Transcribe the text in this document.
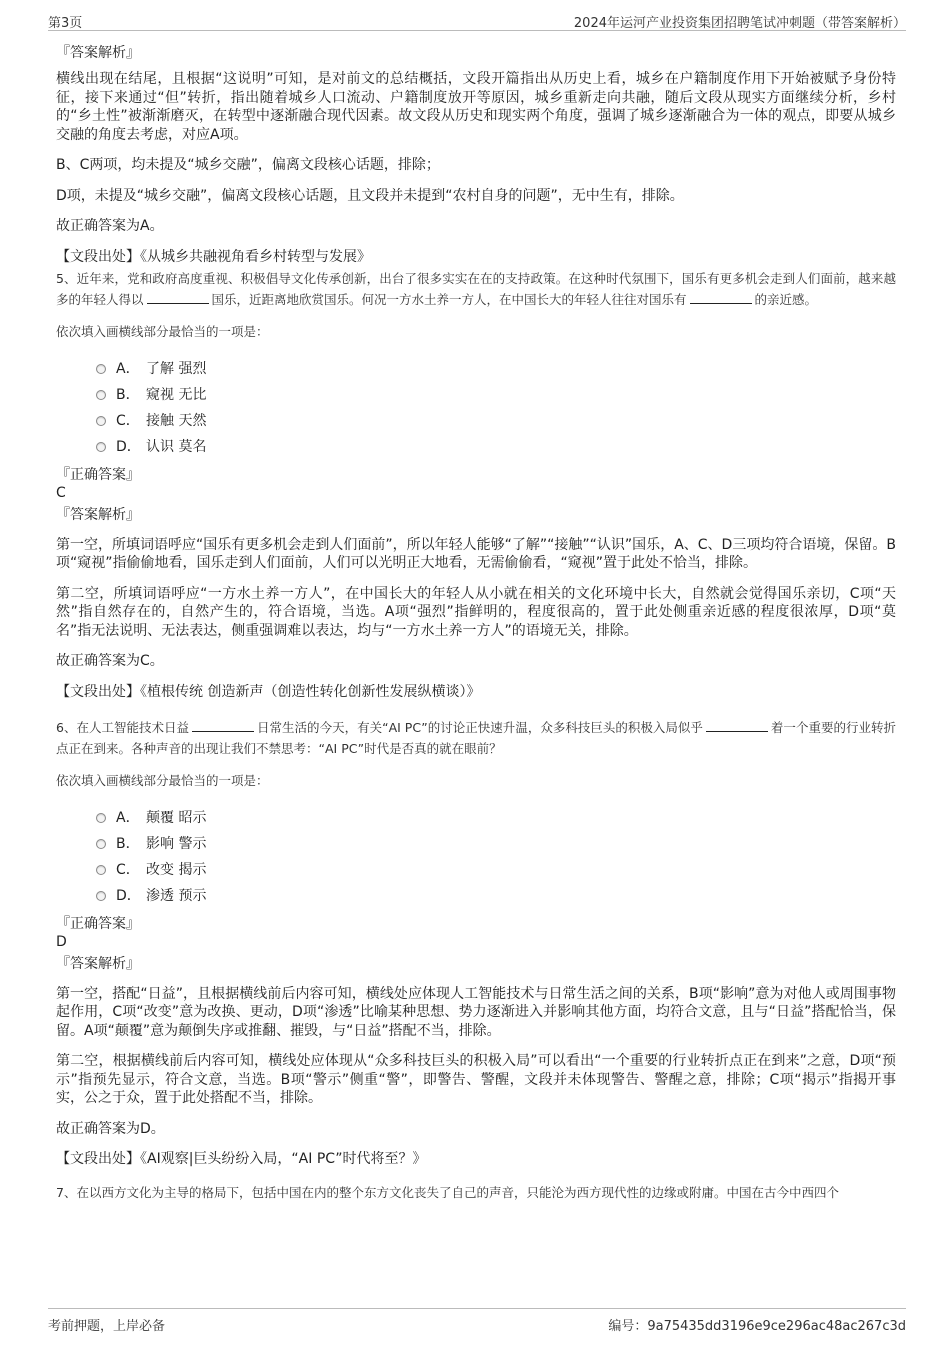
第3页	2024年运河产业投资集团招聘笔试冲刺题（带答案解析）
『答案解析』
横线出现在结尾，且根据“这说明”可知，是对前文的总结概括，文段开篇指出从历史上看，城乡在户籍制度作用下开始被赋予身份特征，接下来通过“但”转折，指出随着城乡人口流动、户籍制度放开等原因，城乡重新走向共融，随后文段从现实方面继续分析，乡村的“乡土性”被渐渐磨灭，在转型中逐渐融合现代因素。故文段从历史和现实两个角度，强调了城乡逐渐融合为一体的观点，即要从城乡交融的角度去考虑，对应A项。
B、C两项，均未提及“城乡交融”，偏离文段核心话题，排除；
D项，未提及“城乡交融”，偏离文段核心话题，且文段并未提到“农村自身的问题”，无中生有，排除。
故正确答案为A。
【文段出处】《从城乡共融视角看乡村转型与发展》
5、近年来，党和政府高度重视、积极倡导文化传承创新，出台了很多实实在在的支持政策。在这种时代氛围下，国乐有更多机会走到人们面前，越来越多的年轻人得以	国乐，近距离地欣赏国乐。何况一方水土养一方人，在中国长大的年轻人往往对国乐有	的亲近感。
依次填入画横线部分最恰当的一项是：
A． 了解 强烈
B． 窥视 无比
C． 接触 天然
D． 认识 莫名
『正确答案』
C
『答案解析』
第一空，所填词语呼应“国乐有更多机会走到人们面前”，所以年轻人能够“了解”“接触”“认识”国乐，A、C、D三项均符合语境，保留。B项“窥视”指偷偷地看，国乐走到人们面前，人们可以光明正大地看，无需偷偷看，“窥视”置于此处不恰当，排除。
第二空，所填词语呼应“一方水土养一方人”，在中国长大的年轻人从小就在相关的文化环境中长大，自然就会觉得国乐亲切，C项“天然”指自然存在的，自然产生的，符合语境，当选。A项“强烈”指鲜明的，程度很高的，置于此处侧重亲近感的程度很浓厚，D项“莫名”指无法说明、无法表达，侧重强调难以表达，均与“一方水土养一方人”的语境无关，排除。
故正确答案为C。
【文段出处】《植根传统 创造新声（创造性转化创新性发展纵横谈）》
6、在人工智能技术日益	日常生活的今天，有关“AI PC”的讨论正快速升温，众多科技巨头的积极入局似乎	着一个重要的行业转折点正在到来。各种声音的出现让我们不禁思考：“AI PC”时代是否真的就在眼前？
依次填入画横线部分最恰当的一项是：
A． 颠覆 昭示
B． 影响 警示
C． 改变 揭示
D． 渗透 预示
『正确答案』
D
『答案解析』
第一空，搭配“日益”，且根据横线前后内容可知，横线处应体现人工智能技术与日常生活之间的关系，B项“影响”意为对他人或周围事物起作用，C项“改变”意为改换、更动，D项“渗透”比喻某种思想、势力逐渐进入并影响其他方面，均符合文意，且与“日益”搭配恰当，保留。A项“颠覆”意为颠倒失序或推翻、摧毁，与“日益”搭配不当，排除。
第二空，根据横线前后内容可知，横线处应体现从“众多科技巨头的积极入局”可以看出“一个重要的行业转折点正在到来”之意，D项“预示”指预先显示，符合文意，当选。B项“警示”侧重“警”，即警告、警醒，文段并未体现警告、警醒之意，排除；C项“揭示”指揭开事实，公之于众，置于此处搭配不当，排除。
故正确答案为D。
【文段出处】《AI观察|巨头纷纷入局，“AI PC”时代将至？》
7、在以西方文化为主导的格局下，包括中国在内的整个东方文化丧失了自己的声音，只能沦为西方现代性的边缘或附庸。中国在古今中西四个
考前押题，上岸必备	编号：9a75435dd3196e9ce296ac48ac267c3d
